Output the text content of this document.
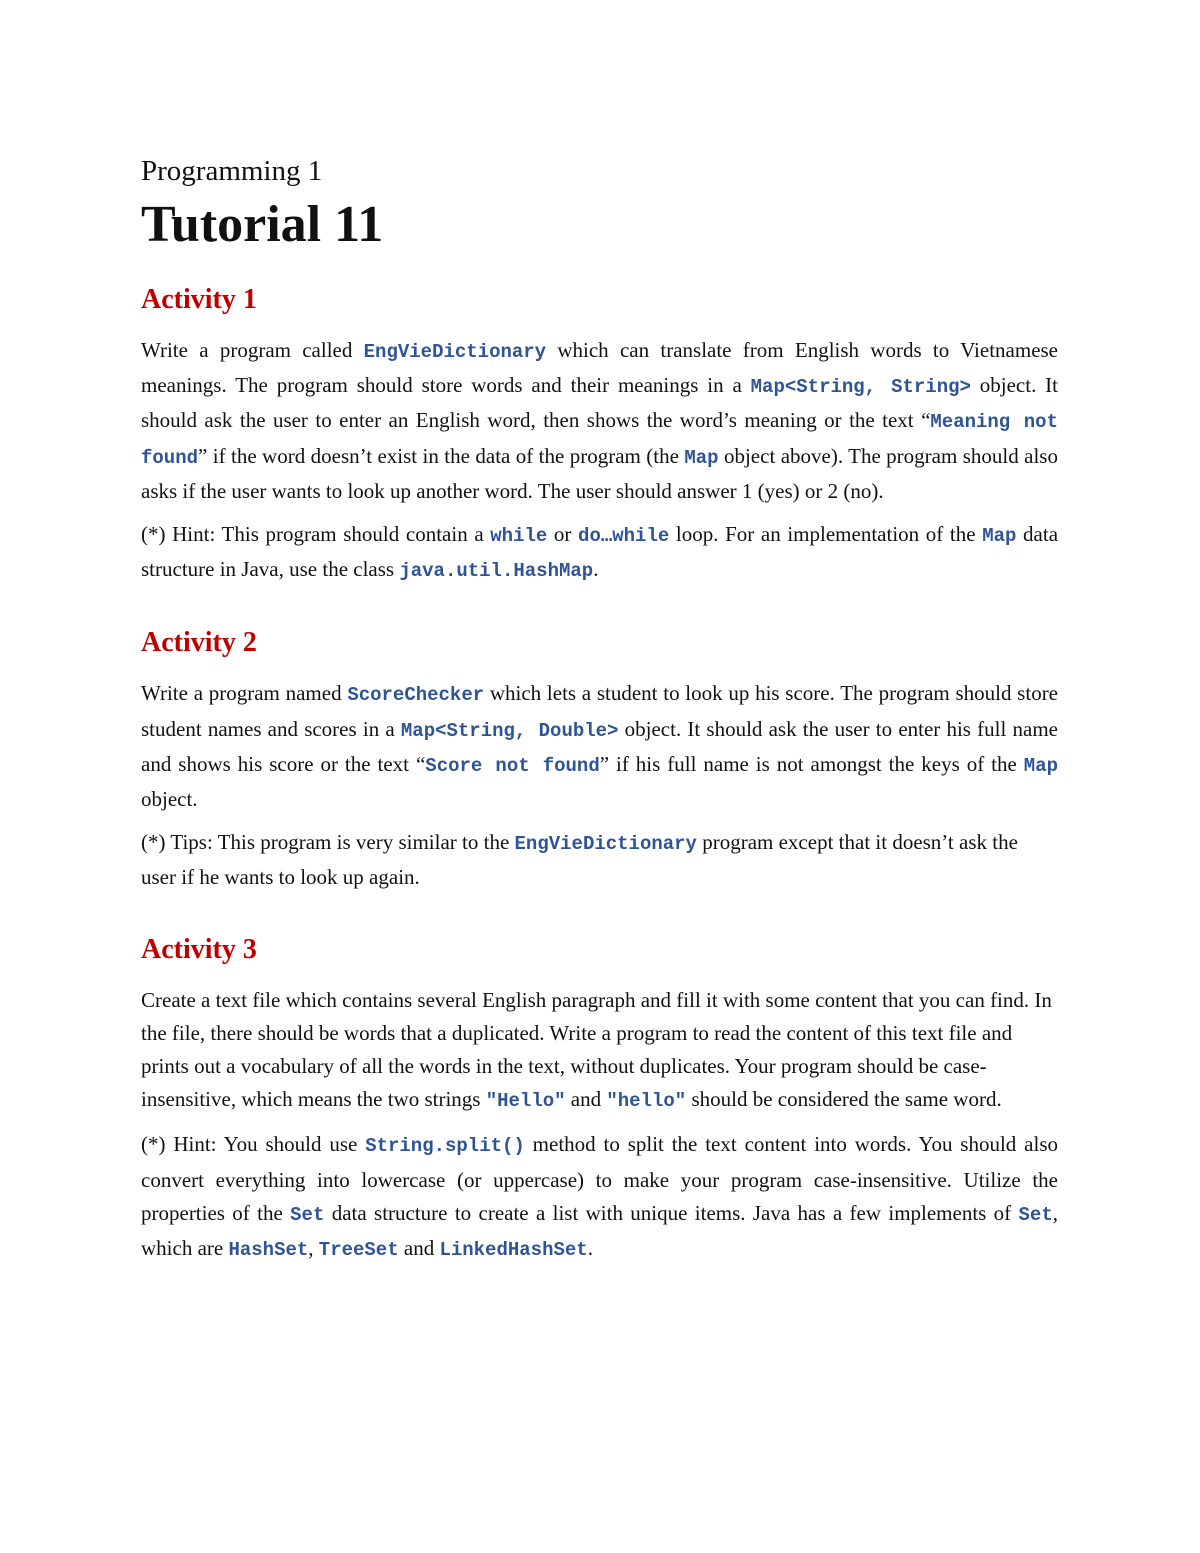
Programming 1

Tutorial 11
Activity 1

Write a program called EngVieDictionary which can translate from English words to Vietnamese meanings. The program should store words and their meanings in a Map<String, String> object. It should ask the user to enter an English word, then shows the word’s meaning or the text “Meaning not found” if the word doesn’t exist in the data of the program (the Map object above). The program should also asks if the user wants to look up another word. The user should answer 1 (yes) or 2 (no).

(*) Hint: This program should contain a while or do…while loop. For an implementation of the Map data structure in Java, use the class java.util.HashMap.

Activity 2

Write a program named ScoreChecker which lets a student to look up his score. The program should store student names and scores in a Map<String, Double> object. It should ask the user to enter his full name and shows his score or the text “Score not found” if his full name is not amongst the keys of the Map object.

(*) Tips: This program is very similar to the EngVieDictionary program except that it doesn’t ask the user if he wants to look up again.

Activity 3

Create a text file which contains several English paragraph and fill it with some content that you can find. In the file, there should be words that a duplicated. Write a program to read the content of this text file and prints out a vocabulary of all the words in the text, without duplicates. Your program should be case-insensitive, which means the two strings "Hello" and "hello" should be considered the same word.

(*) Hint: You should use String.split() method to split the text content into words. You should also convert everything into lowercase (or uppercase) to make your program case-insensitive. Utilize the properties of the Set data structure to create a list with unique items. Java has a few implements of Set, which are HashSet, TreeSet and LinkedHashSet.
